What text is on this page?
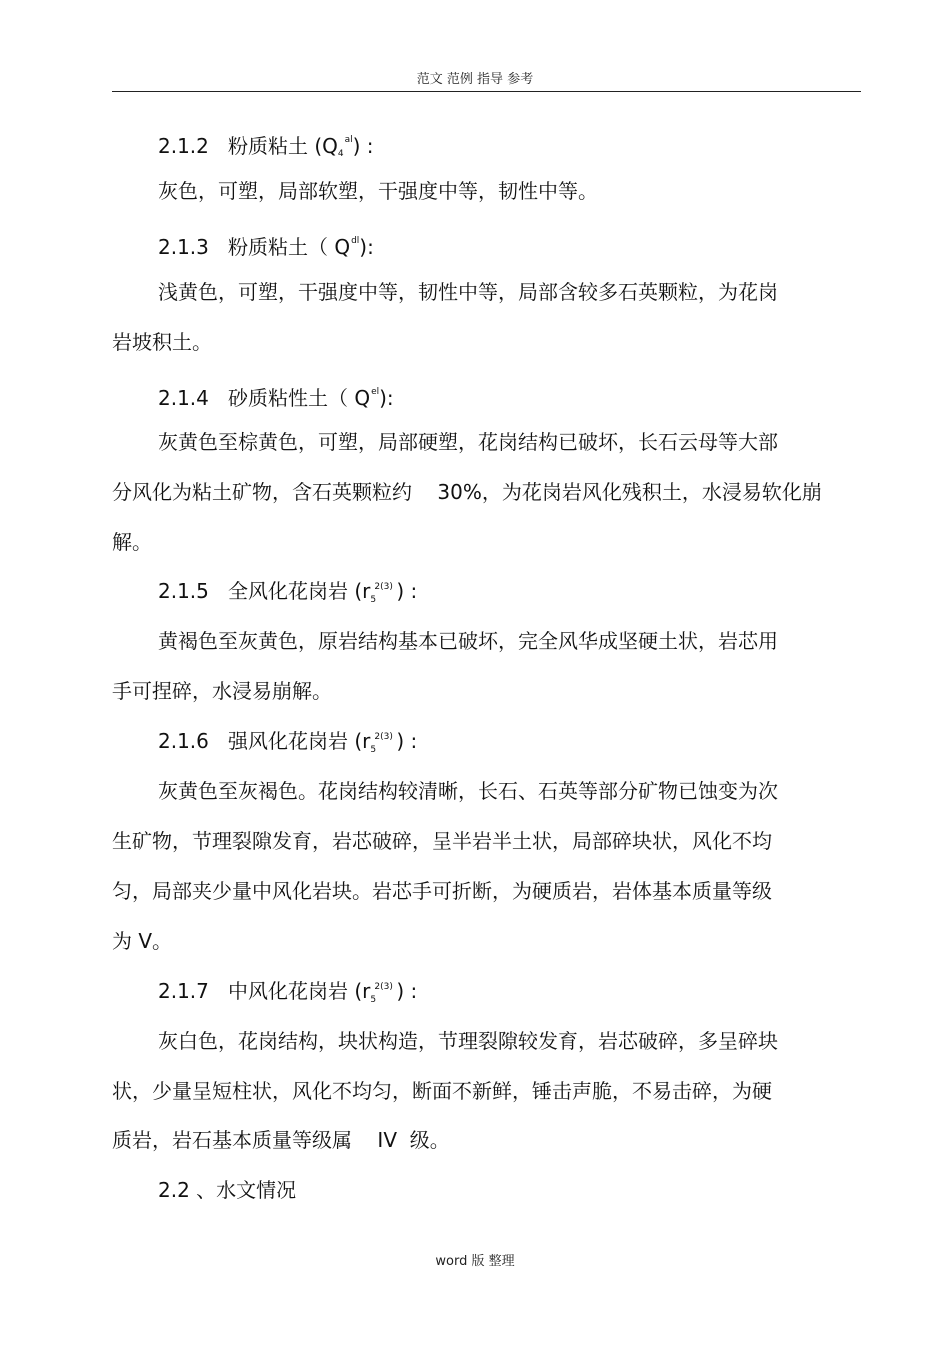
范文 范例 指导 参考
2.1.2 粉质粘土 $(Q_4^{al})$ :
灰色，可塑，局部软塑，干强度中等，韧性中等。
2.1.3 粉质粘土（ $Q^{dl}$):
浅黄色，可塑，干强度中等，韧性中等，局部含较多石英颗粒，为花岗
岩坡积土。
2.1.4 砂质粘性土（ $Q^{el}$):
灰黄色至棕黄色，可塑，局部硬塑，花岗结构已破坏，长石云母等大部
分风化为粘土矿物，含石英颗粒约    30%，为花岗岩风化残积土，水浸易软化崩
解。
2.1.5 全风化花岗岩 (r 2(3)
5 ) :
黄褐色至灰黄色，原岩结构基本已破坏，完全风华成坚硬土状，岩芯用
手可捏碎，水浸易崩解。
2.1.6 强风化花岗岩 (r 2(3)
5 ) :
灰黄色至灰褐色。花岗结构较清晰，长石、石英等部分矿物已蚀变为次
生矿物，节理裂隙发育，岩芯破碎，呈半岩半土状，局部碎块状，风化不均
匀，局部夹少量中风化岩块。岩芯手可折断，为硬质岩，岩体基本质量等级
为 V。
2.1.7 中风化花岗岩 (r 2(3)
5 ) :
灰白色，花岗结构，块状构造，节理裂隙较发育，岩芯破碎，多呈碎块
状，少量呈短柱状，风化不均匀，断面不新鲜，锤击声脆，不易击碎，为硬
质岩，岩石基本质量等级属    IV  级。
2.2 、水文情况
word 版 整理
